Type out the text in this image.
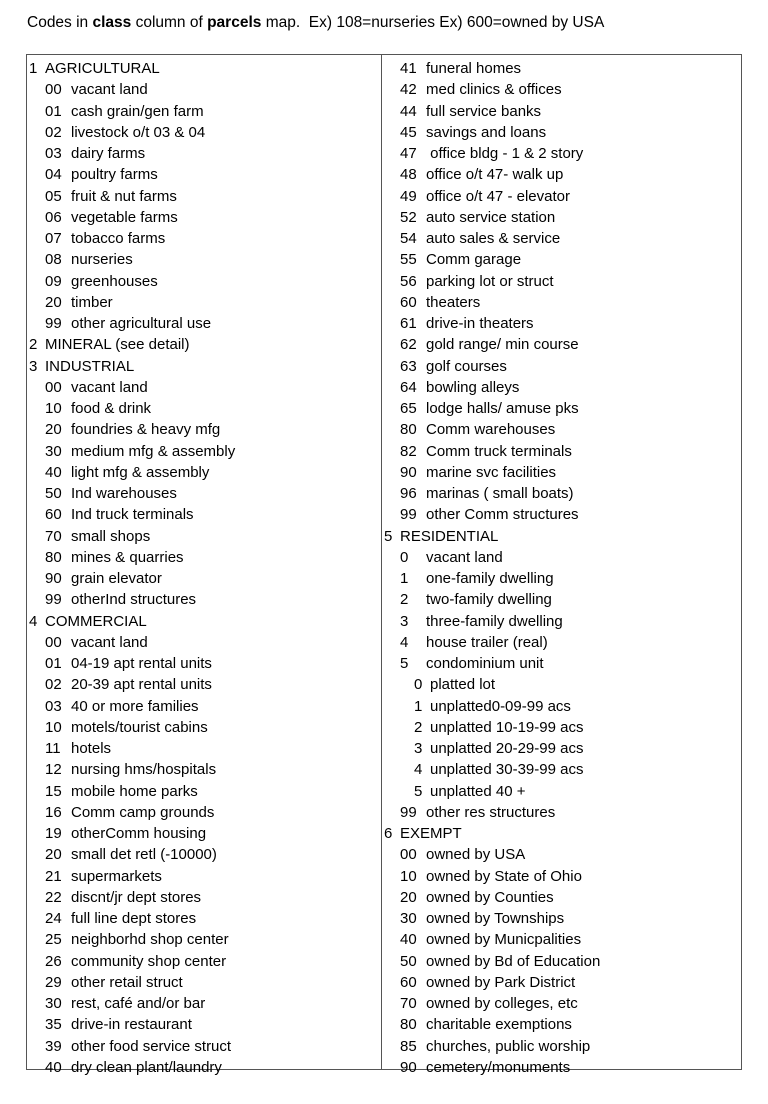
Codes in class column of parcels map.  Ex) 108=nurseries Ex) 600=owned by USA
1 AGRICULTURAL
00 vacant land
01 cash grain/gen farm
02 livestock o/t 03 & 04
03 dairy farms
04 poultry farms
05 fruit & nut farms
06 vegetable farms
07 tobacco farms
08 nurseries
09 greenhouses
20 timber
99 other agricultural use
2 MINERAL (see detail)
3 INDUSTRIAL
00 vacant land
10 food & drink
20 foundries & heavy mfg
30 medium mfg & assembly
40 light mfg & assembly
50 Ind warehouses
60 Ind truck terminals
70 small shops
80 mines & quarries
90 grain elevator
99 otherInd structures
4 COMMERCIAL
00 vacant land
01 04-19 apt rental units
02 20-39 apt rental units
03 40 or more families
10 motels/tourist cabins
11 hotels
12 nursing hms/hospitals
15 mobile home parks
16 Comm camp grounds
19 otherComm housing
20 small det retl (-10000)
21 supermarkets
22 discnt/jr dept stores
24 full line dept stores
25 neighborhd shop center
26 community shop center
29 other retail struct
30 rest, café and/or bar
35 drive-in restaurant
39 other food service struct
40 dry clean plant/laundry
41 funeral homes
42 med clinics & offices
44 full service banks
45 savings and loans
47 office bldg - 1 & 2 story
48 office o/t 47- walk up
49 office o/t 47 - elevator
52 auto service station
54 auto sales & service
55 Comm garage
56 parking lot or struct
60 theaters
61 drive-in theaters
62 gold range/ min course
63 golf courses
64 bowling alleys
65 lodge halls/ amuse pks
80 Comm warehouses
82 Comm truck terminals
90 marine svc facilities
96 marinas ( small boats)
99 other Comm structures
5 RESIDENTIAL
0 vacant land
1 one-family dwelling
2 two-family dwelling
3 three-family dwelling
4 house trailer (real)
5 condominium unit
0 platted lot
1 unplatted0-09-99 acs
2 unplatted 10-19-99 acs
3 unplatted 20-29-99 acs
4 unplatted 30-39-99 acs
5 unplatted 40 +
99 other res structures
6 EXEMPT
00 owned by USA
10 owned by State of Ohio
20 owned by Counties
30 owned by Townships
40 owned by Municpalities
50 owned by Bd of Education
60 owned by Park District
70 owned by colleges, etc
80 charitable exemptions
85 churches, public worship
90 cemetery/monuments
